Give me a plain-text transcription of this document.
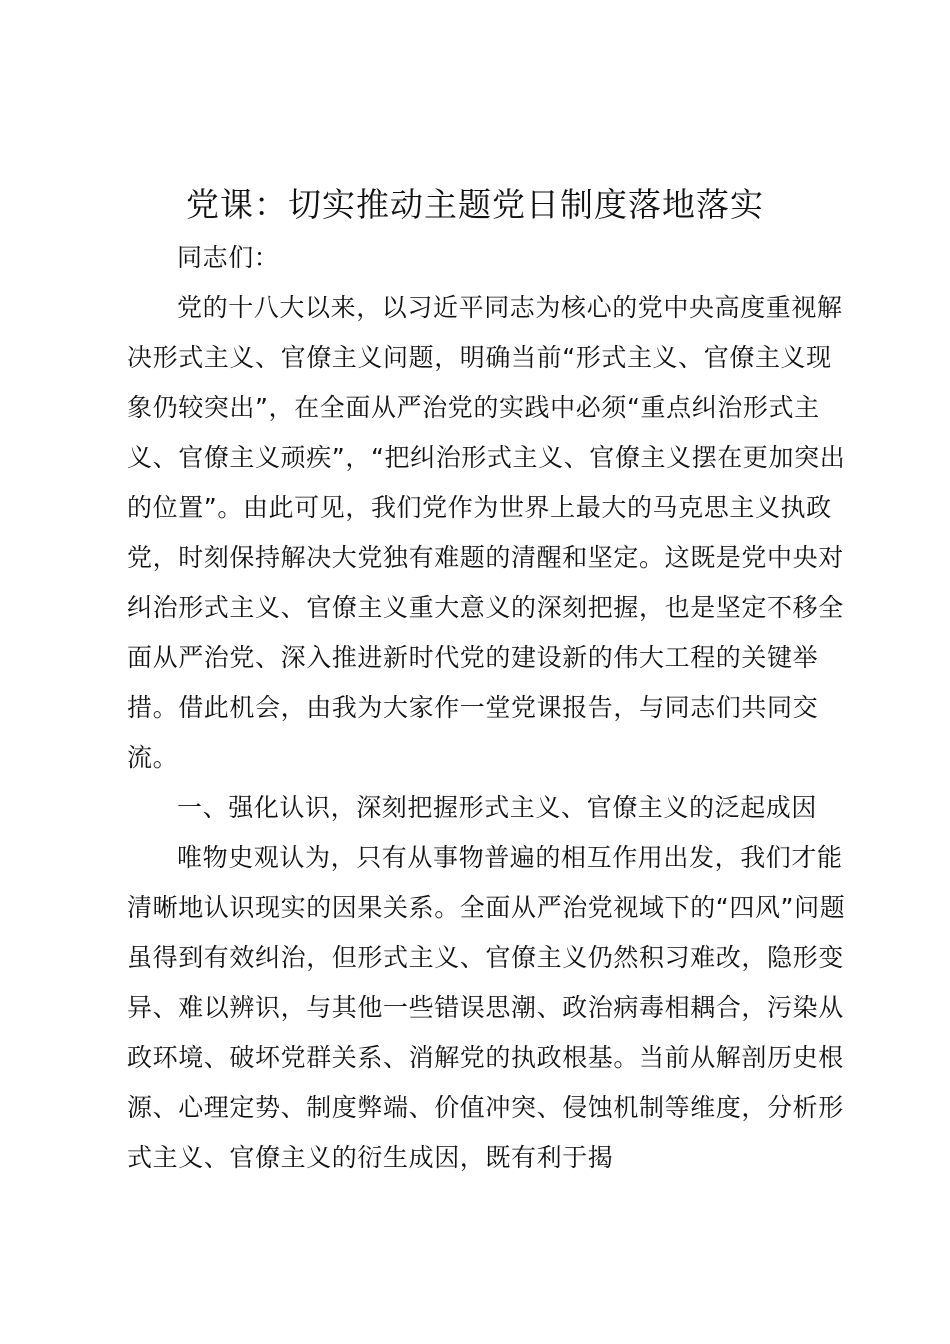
党课：切实推动主题党日制度落地落实

同志们：

党的十八大以来，以习近平同志为核心的党中央高度重视解决形式主义、官僚主义问题，明确当前“形式主义、官僚主义现象仍较突出”，在全面从严治党的实践中必须“重点纠治形式主义、官僚主义顽疾”，“把纠治形式主义、官僚主义摆在更加突出的位置”。由此可见，我们党作为世界上最大的马克思主义执政党，时刻保持解决大党独有难题的清醒和坚定。这既是党中央对纠治形式主义、官僚主义重大意义的深刻把握，也是坚定不移全面从严治党、深入推进新时代党的建设新的伟大工程的关键举措。借此机会，由我为大家作一堂党课报告，与同志们共同交流。

一、强化认识，深刻把握形式主义、官僚主义的泛起成因

唯物史观认为，只有从事物普遍的相互作用出发，我们才能清晰地认识现实的因果关系。全面从严治党视域下的“四风”问题虽得到有效纠治，但形式主义、官僚主义仍然积习难改，隐形变异、难以辨识，与其他一些错误思潮、政治病毒相耦合，污染从政环境、破坏党群关系、消解党的执政根基。当前从解剖历史根源、心理定势、制度弊端、价值冲突、侵蚀机制等维度，分析形式主义、官僚主义的衍生成因，既有利于揭
